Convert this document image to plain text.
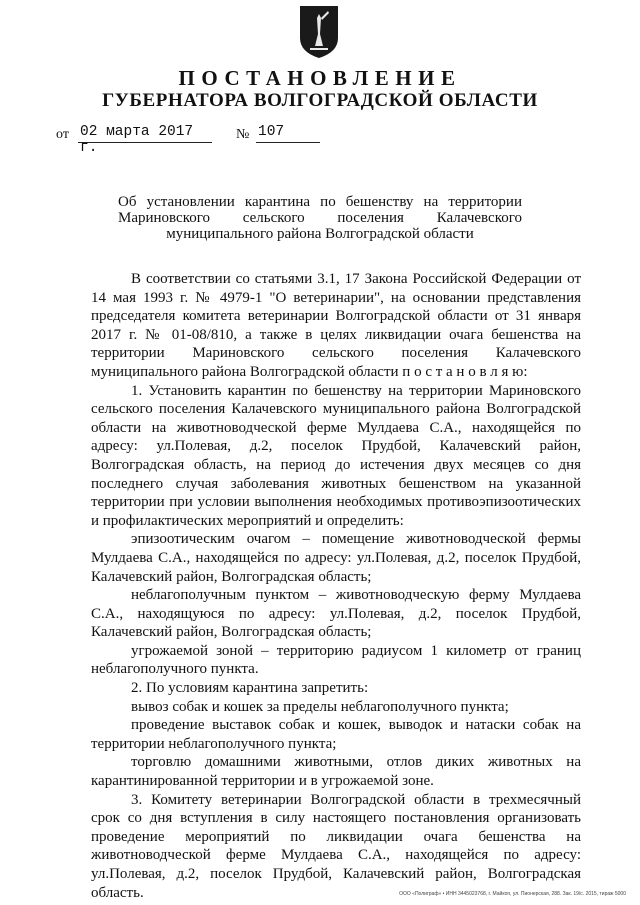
ПОСТАНОВЛЕНИЕ
ГУБЕРНАТОРА ВОЛГОГРАДСКОЙ ОБЛАСТИ
от 02 марта 2017 г.
№ 107
Об установлении карантина по бешенству на территории Мариновского сельского поселения Калачевского муниципального района Волгоградской области

В соответствии со статьями 3.1, 17 Закона Российской Федерации от 14 мая 1993 г. № 4979-1 "О ветеринарии", на основании представления председателя комитета ветеринарии Волгоградской области от 31 января 2017 г. № 01-08/810, а также в целях ликвидации очага бешенства на территории Мариновского сельского поселения Калачевского муниципального района Волгоградской области п о с т а н о в л я ю:

1. Установить карантин по бешенству на территории Мариновского сельского поселения Калачевского муниципального района Волгоградской области на животноводческой ферме Мулдаева С.А., находящейся по адресу: ул.Полевая, д.2, поселок Прудбой, Калачевский район, Волгоградская область, на период до истечения двух месяцев со дня последнего случая заболевания животных бешенством на указанной территории при условии выполнения необходимых противоэпизоотических и профилактических мероприятий и определить:

эпизоотическим очагом – помещение животноводческой фермы Мулдаева С.А., находящейся по адресу: ул.Полевая, д.2, поселок Прудбой, Калачевский район, Волгоградская область;

неблагополучным пунктом – животноводческую ферму Мулдаева С.А., находящуюся по адресу: ул.Полевая, д.2, поселок Прудбой, Калачевский район, Волгоградская область;

угрожаемой зоной – территорию радиусом 1 километр от границ неблагополучного пункта.

2. По условиям карантина запретить:

вывоз собак и кошек за пределы неблагополучного пункта;

проведение выставок собак и кошек, выводок и натаски собак на территории неблагополучного пункта;

торговлю домашними животными, отлов диких животных на карантинированной территории и в угрожаемой зоне.

3. Комитету ветеринарии Волгоградской области в трехмесячный срок со дня вступления в силу настоящего постановления организовать проведение мероприятий по ликвидации очага бешенства на животноводческой ферме Мулдаева С.А., находящейся по адресу: ул.Полевая, д.2, поселок Прудбой, Калачевский район, Волгоградская область.	ООО «Полиграф» • ИНН 3445023768, г. Майкоп, ул. Пионерская, 288. Зак. 19/с. 2015, тираж 5000
